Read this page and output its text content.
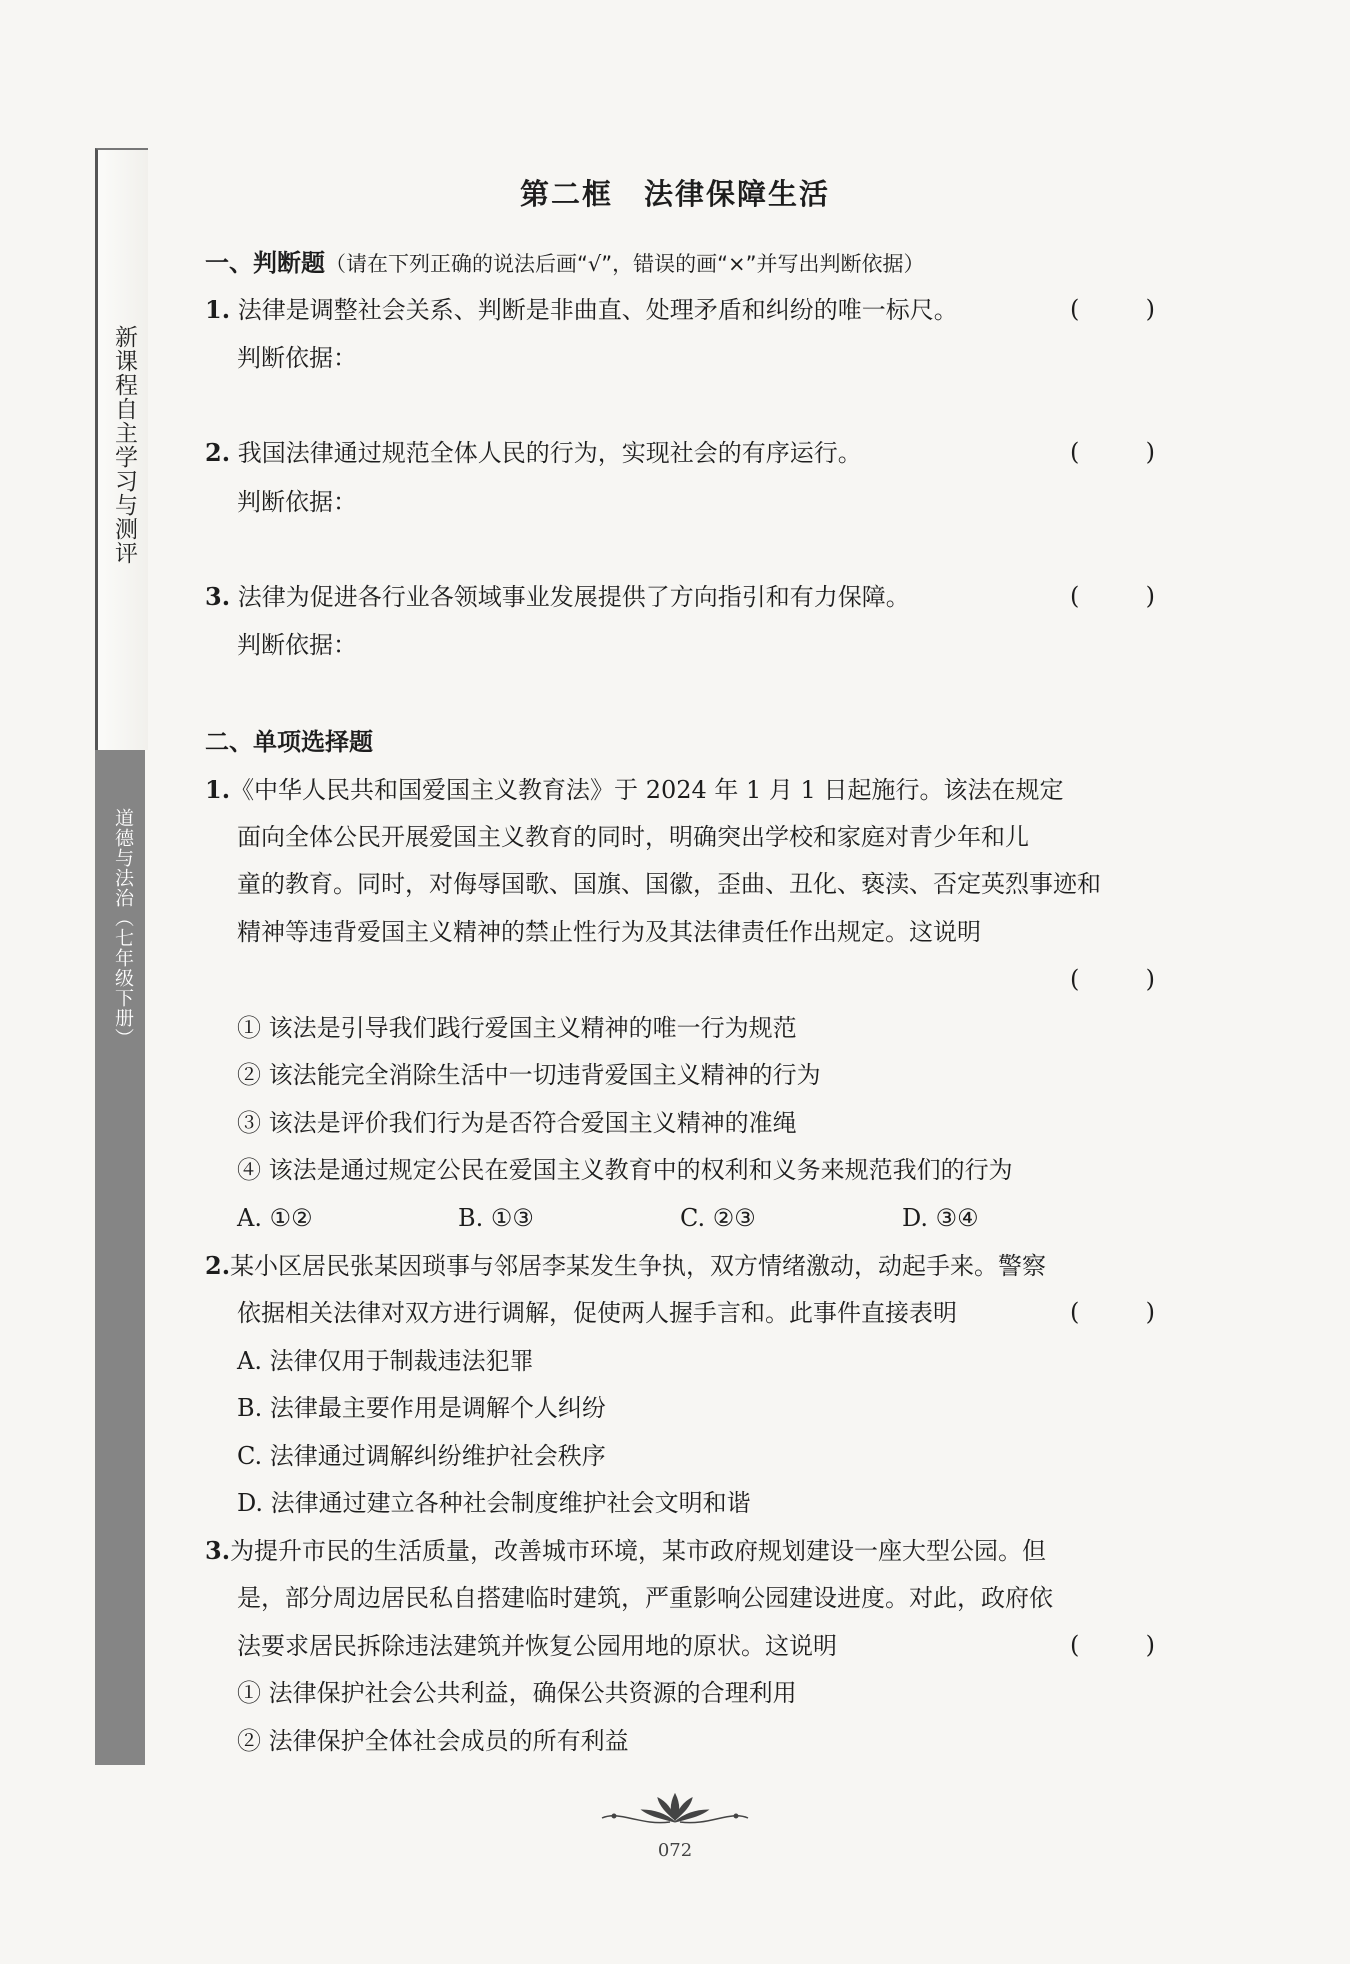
新课程自主学习与测评
道德与法治（七年级下册）
第二框　法律保障生活
一、判断题（请在下列正确的说法后画“√”，错误的画“×”并写出判断依据）
1. 法律是调整社会关系、判断是非曲直、处理矛盾和纠纷的唯一标尺。	(	)
判断依据：
2. 我国法律通过规范全体人民的行为，实现社会的有序运行。	(	)
判断依据：
3. 法律为促进各行业各领域事业发展提供了方向指引和有力保障。	(	)
判断依据：
二、单项选择题
1.《中华人民共和国爱国主义教育法》于 2024 年 1 月 1 日起施行。该法在规定
面向全体公民开展爱国主义教育的同时，明确突出学校和家庭对青少年和儿
童的教育。同时，对侮辱国歌、国旗、国徽，歪曲、丑化、亵渎、否定英烈事迹和
精神等违背爱国主义精神的禁止性行为及其法律责任作出规定。这说明
(	)
① 该法是引导我们践行爱国主义精神的唯一行为规范
② 该法能完全消除生活中一切违背爱国主义精神的行为
③ 该法是评价我们行为是否符合爱国主义精神的准绳
④ 该法是通过规定公民在爱国主义教育中的权利和义务来规范我们的行为
A. ①②	B. ①③	C. ②③	D. ③④
2.某小区居民张某因琐事与邻居李某发生争执，双方情绪激动，动起手来。警察
依据相关法律对双方进行调解，促使两人握手言和。此事件直接表明	(	)
A. 法律仅用于制裁违法犯罪
B. 法律最主要作用是调解个人纠纷
C. 法律通过调解纠纷维护社会秩序
D. 法律通过建立各种社会制度维护社会文明和谐
3.为提升市民的生活质量，改善城市环境，某市政府规划建设一座大型公园。但
是，部分周边居民私自搭建临时建筑，严重影响公园建设进度。对此，政府依
法要求居民拆除违法建筑并恢复公园用地的原状。这说明	(	)
① 法律保护社会公共利益，确保公共资源的合理利用
② 法律保护全体社会成员的所有利益
072
